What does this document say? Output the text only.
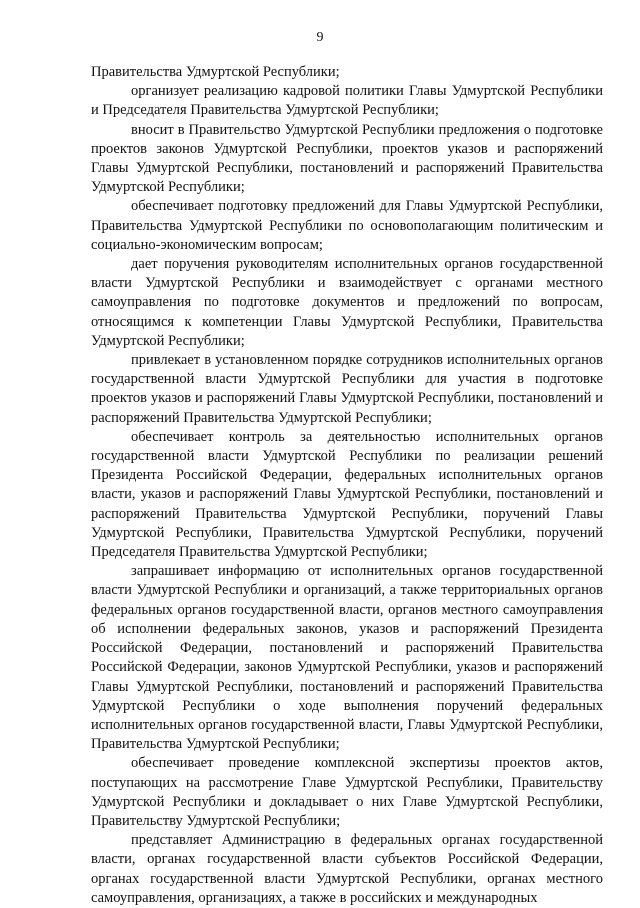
9

Правительства Удмуртской Республики;

организует реализацию кадровой политики Главы Удмуртской Республики и Председателя Правительства Удмуртской Республики;

вносит в Правительство Удмуртской Республики предложения о подготовке проектов законов Удмуртской Республики, проектов указов и распоряжений Главы Удмуртской Республики, постановлений и распоряжений Правительства Удмуртской Республики;

обеспечивает подготовку предложений для Главы Удмуртской Республики, Правительства Удмуртской Республики по основополагающим политическим и социально-экономическим вопросам;

дает поручения руководителям исполнительных органов государственной власти Удмуртской Республики и взаимодействует с органами местного самоуправления по подготовке документов и предложений по вопросам, относящимся к компетенции Главы Удмуртской Республики, Правительства Удмуртской Республики;

привлекает в установленном порядке сотрудников исполнительных органов государственной власти Удмуртской Республики для участия в подготовке проектов указов и распоряжений Главы Удмуртской Республики, постановлений и распоряжений Правительства Удмуртской Республики;

обеспечивает контроль за деятельностью исполнительных органов государственной власти Удмуртской Республики по реализации решений Президента Российской Федерации, федеральных исполнительных органов власти, указов и распоряжений Главы Удмуртской Республики, постановлений и распоряжений Правительства Удмуртской Республики, поручений Главы Удмуртской Республики, Правительства Удмуртской Республики, поручений Председателя Правительства Удмуртской Республики;

запрашивает информацию от исполнительных органов государственной власти Удмуртской Республики и организаций, а также территориальных органов федеральных органов государственной власти, органов местного самоуправления об исполнении федеральных законов, указов и распоряжений Президента Российской Федерации, постановлений и распоряжений Правительства Российской Федерации, законов Удмуртской Республики, указов и распоряжений Главы Удмуртской Республики, постановлений и распоряжений Правительства Удмуртской Республики о ходе выполнения поручений федеральных исполнительных органов государственной власти, Главы Удмуртской Республики, Правительства Удмуртской Республики;

обеспечивает проведение комплексной экспертизы проектов актов, поступающих на рассмотрение Главе Удмуртской Республики, Правительству Удмуртской Республики и докладывает о них Главе Удмуртской Республики, Правительству Удмуртской Республики;

представляет Администрацию в федеральных органах государственной власти, органах государственной власти субъектов Российской Федерации, органах государственной власти Удмуртской Республики, органах местного самоуправления, организациях, а также в российских и международных
